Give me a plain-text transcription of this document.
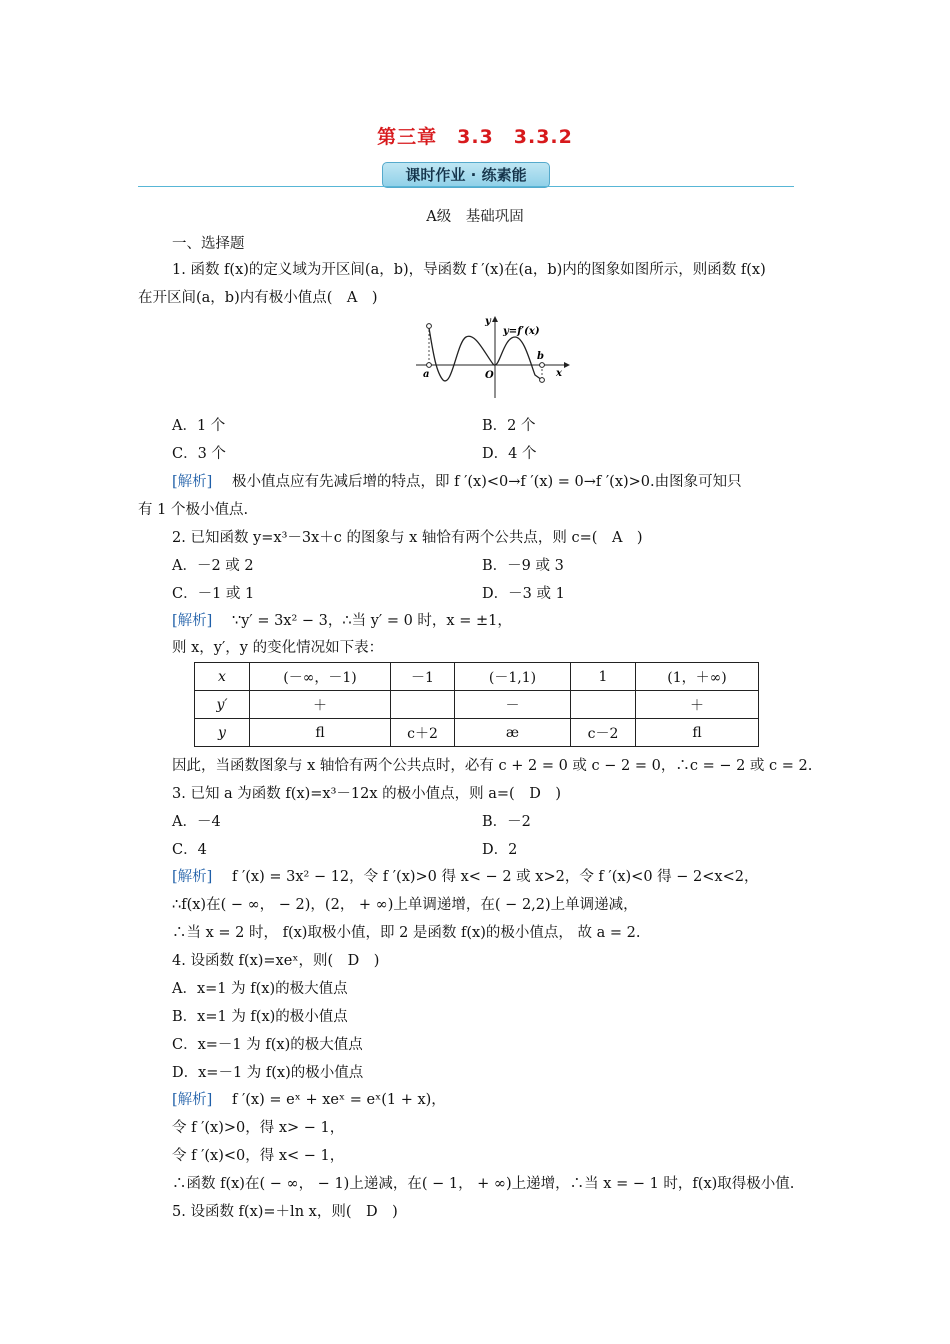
第三章　3.3　3.3.2
课时作业 · 练素能
A级　基础巩固
一、选择题
1. 函数 f(x)的定义域为开区间(a，b)，导函数 f ′(x)在(a，b)内的图象如图所示，则函数 f(x)
在开区间(a，b)内有极小值点(　A　)
y
y=f′(x)
a
b
O	x
A．1 个	B．2 个
C．3 个	D．4 个
[解析] 极小值点应有先减后增的特点，即 f ′(x)<0→f ′(x) = 0→f ′(x)>0.由图象可知只
有 1 个极小值点.
2. 已知函数 y=x³－3x＋c 的图象与 x 轴恰有两个公共点，则 c=(　A　)
A．－2 或 2	B．－9 或 3
C．－1 或 1	D．－3 或 1
[解析] ∵y′ = 3x² − 3，∴当 y′ = 0 时，x = ±1，
则 x，y′，y 的变化情况如下表：
x	(－∞，－1)	－1	(－1,1)	1	(1，＋∞)
y′	＋		－		＋
y	ﬂ	c＋2	æ	c－2	ﬂ
因此，当函数图象与 x 轴恰有两个公共点时，必有 c + 2 = 0 或 c − 2 = 0，∴c = − 2 或 c = 2.
3. 已知 a 为函数 f(x)=x³－12x 的极小值点，则 a=(　D　)
A．－4	B．－2
C．4	D．2
[解析] f ′(x) = 3x² − 12，令 f ′(x)>0 得 x< − 2 或 x>2，令 f ′(x)<0 得 − 2<x<2，
∴f(x)在( − ∞， − 2)，(2， + ∞)上单调递增，在( − 2,2)上单调递减，
∴当 x = 2 时， f(x)取极小值，即 2 是函数 f(x)的极小值点， 故 a = 2.
4. 设函数 f(x)=xeˣ，则(　D　)
A．x=1 为 f(x)的极大值点
B．x=1 为 f(x)的极小值点
C．x=－1 为 f(x)的极大值点
D．x=－1 为 f(x)的极小值点
[解析] f ′(x) = eˣ + xeˣ = eˣ(1 + x)，
令 f ′(x)>0，得 x> − 1，
令 f ′(x)<0，得 x< − 1，
∴函数 f(x)在( − ∞， − 1)上递减，在( − 1， + ∞)上递增，∴当 x = − 1 时，f(x)取得极小值.
5. 设函数 f(x)=＋ln x，则(　D　)
